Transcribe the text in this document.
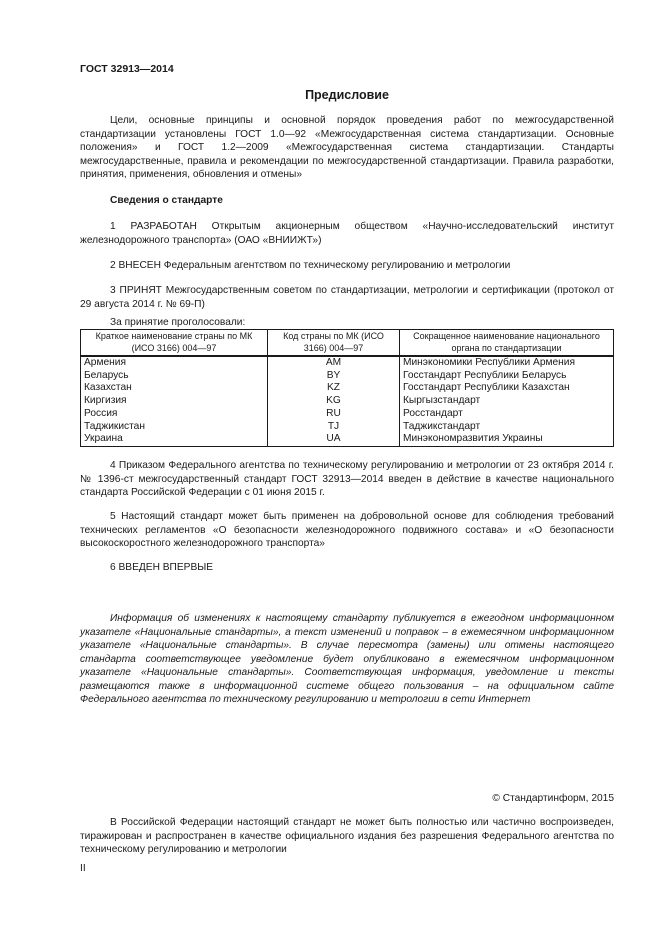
ГОСТ 32913—2014
Предисловие
Цели, основные принципы и основной порядок проведения работ по межгосударственной стандартизации установлены ГОСТ 1.0—92 «Межгосударственная система стандартизации. Основные положения» и ГОСТ 1.2—2009 «Межгосударственная система стандартизации. Стандарты межгосударственные, правила и рекомендации по межгосударственной стандартизации. Правила разработки, принятия, применения, обновления и отмены»
Сведения о стандарте
1 РАЗРАБОТАН Открытым акционерным обществом «Научно-исследовательский институт железнодорожного транспорта» (ОАО «ВНИИЖТ»)
2 ВНЕСЕН Федеральным агентством по техническому регулированию и метрологии
3 ПРИНЯТ Межгосударственным советом по стандартизации, метрологии и сертификации (протокол от 29 августа 2014 г. № 69-П)
За принятие проголосовали:
Краткое наименование страны по МК (ИСО 3166) 004—97	Код страны по МК (ИСО 3166) 004—97	Сокращенное наименование национального органа по стандартизации
Армения	AM	Минэкономики Республики Армения
Беларусь	BY	Госстандарт Республики Беларусь
Казахстан	KZ	Госстандарт Республики Казахстан
Киргизия	KG	Кыргызстандарт
Россия	RU	Росстандарт
Таджикистан	TJ	Таджикстандарт
Украина	UA	Минэкономразвития Украины
4 Приказом Федерального агентства по техническому регулированию и метрологии от 23 октября 2014 г. № 1396-ст межгосударственный стандарт ГОСТ 32913—2014 введен в действие в качестве национального стандарта Российской Федерации с 01 июня 2015 г.
5 Настоящий стандарт может быть применен на добровольной основе для соблюдения требований технических регламентов «О безопасности железнодорожного подвижного состава» и «О безопасности высокоскоростного железнодорожного транспорта»
6 ВВЕДЕН ВПЕРВЫЕ
Информация об изменениях к настоящему стандарту публикуется в ежегодном информационном указателе «Национальные стандарты», а текст изменений и поправок – в ежемесячном информационном указателе «Национальные стандарты». В случае пересмотра (замены) или отмены настоящего стандарта соответствующее уведомление будет опубликовано в ежемесячном информационном указателе «Национальные стандарты». Соответствующая информация, уведомление и тексты размещаются также в информационной системе общего пользования – на официальном сайте Федерального агентства по техническому регулированию и метрологии в сети Интернет
© Стандартинформ, 2015
В Российской Федерации настоящий стандарт не может быть полностью или частично воспроизведен, тиражирован и распространен в качестве официального издания без разрешения Федерального агентства по техническому регулированию и метрологии
II
